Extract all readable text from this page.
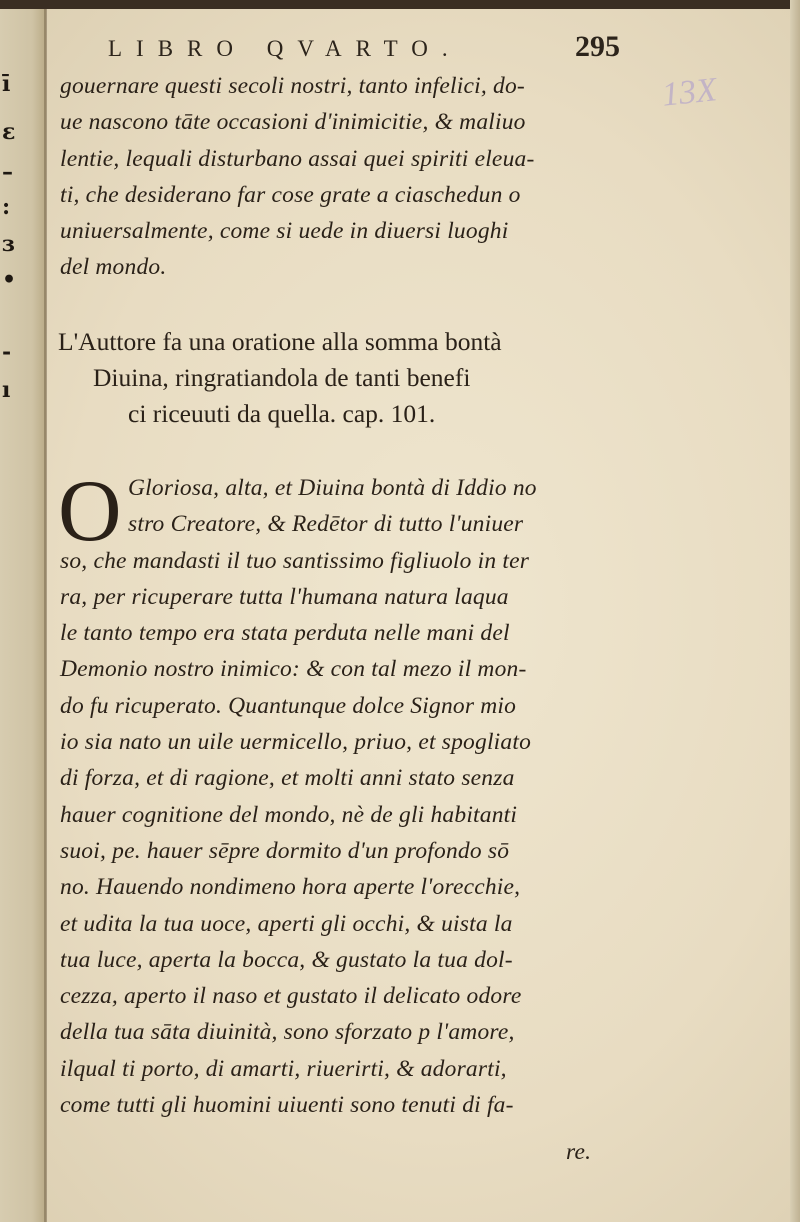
ī
ε
–
:
ɜ
•
-
ı
LIBRO QVARTO.	295
13X
gouernare questi secoli nostri, tanto infelici, do-
ue nascono tāte occasioni d'inimicitie, & maliuo
lentie, lequali disturbano assai quei spiriti eleua-
ti, che desiderano far cose grate a ciaschedun o
uniuersalmente, come si uede in diuersi luoghi
del mondo.
L'Auttore fa una oratione alla somma bontà
Diuina, ringratiandola de tanti benefi
ci riceuuti da quella. cap. 101.
O Gloriosa, alta, et Diuina bontà di Iddio no
stro Creatore, & Redētor di tutto l'uniuer
so, che mandasti il tuo santissimo figliuolo in ter
ra, per ricuperare tutta l'humana natura laqua
le tanto tempo era stata perduta nelle mani del
Demonio nostro inimico: & con tal mezo il mon-
do fu ricuperato. Quantunque dolce Signor mio
io sia nato un uile uermicello, priuo, et spogliato
di forza, et di ragione, et molti anni stato senza
hauer cognitione del mondo, nè de gli habitanti
suoi, pe. hauer sēpre dormito d'un profondo sō
no. Hauendo nondimeno hora aperte l'orecchie,
et udita la tua uoce, aperti gli occhi, & uista la
tua luce, aperta la bocca, & gustato la tua dol-
cezza, aperto il naso et gustato il delicato odore
della tua sāta diuinità, sono sforzato p l'amore,
ilqual ti porto, di amarti, riuerirti, & adorarti,
come tutti gli huomini uiuenti sono tenuti di fa-
re.
